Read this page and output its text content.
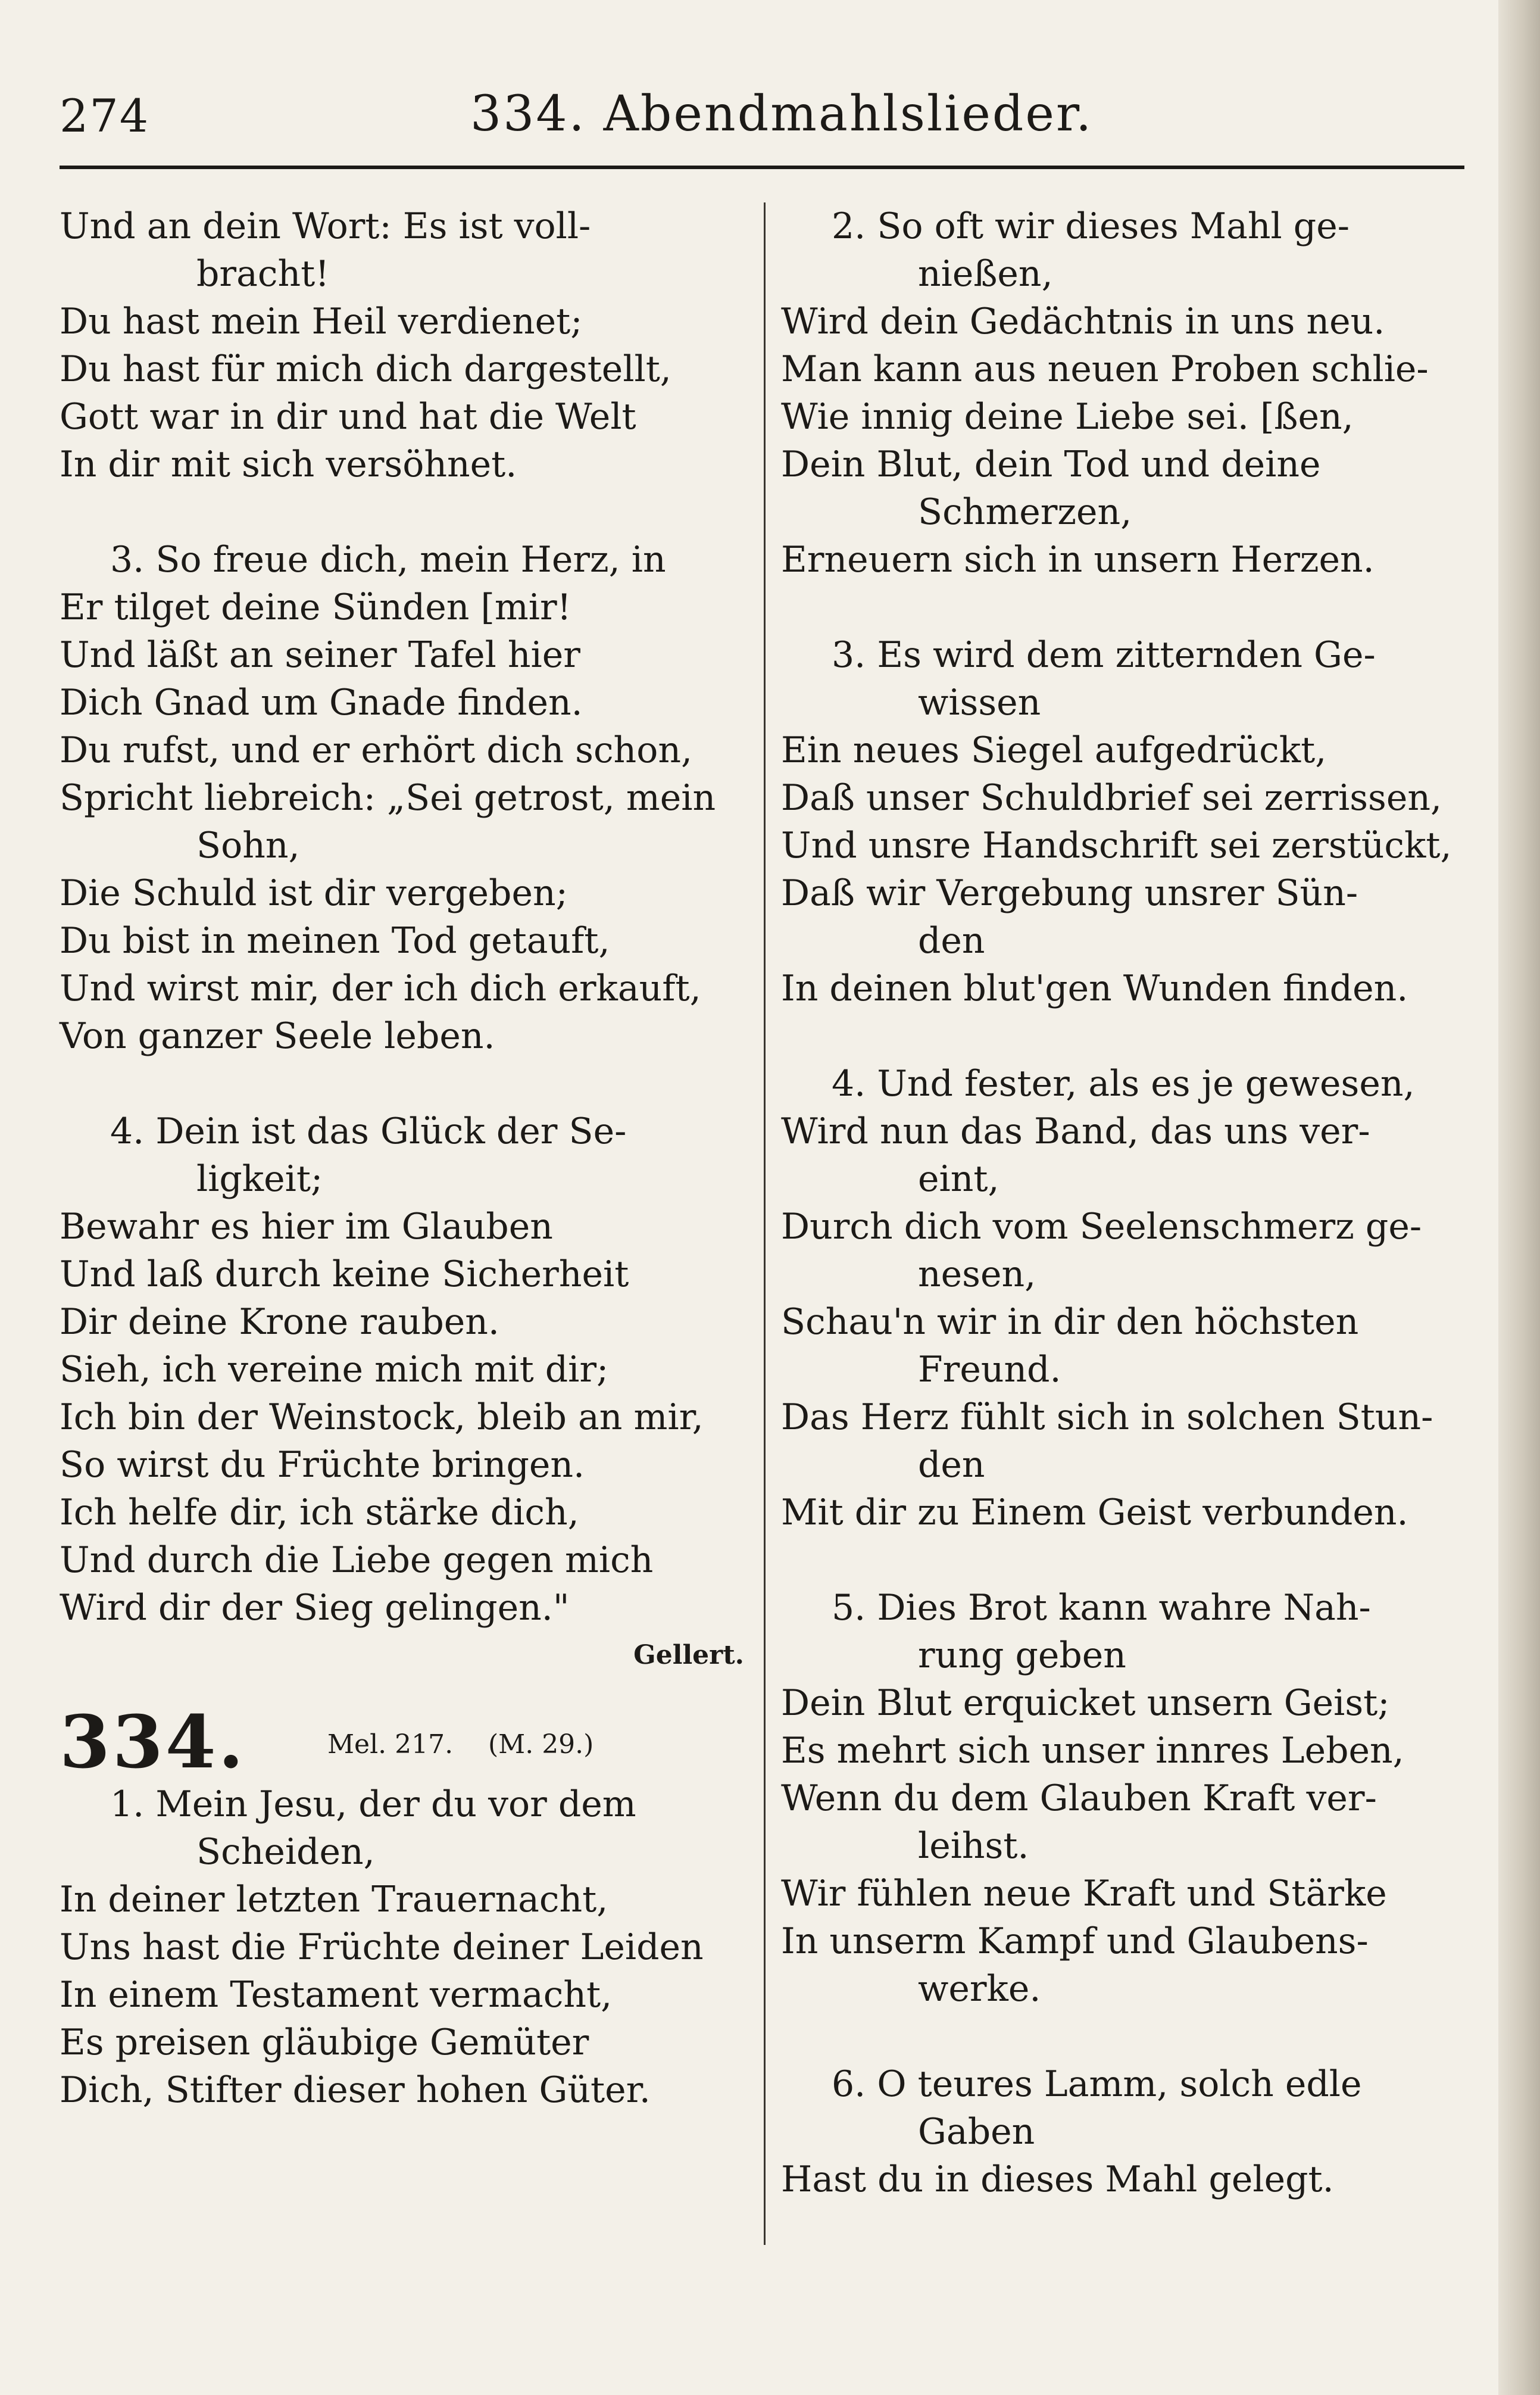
274	334. Abendmahlslieder.
Und an dein Wort: Es ist voll-
bracht!
Du hast mein Heil verdienet;
Du hast für mich dich dargestellt,
Gott war in dir und hat die Welt
In dir mit sich versöhnet.
3. So freue dich, mein Herz, in
Er tilget deine Sünden [mir!
Und läßt an seiner Tafel hier
Dich Gnad um Gnade finden.
Du rufst, und er erhört dich schon,
Spricht liebreich: „Sei getrost, mein
Sohn,
Die Schuld ist dir vergeben;
Du bist in meinen Tod getauft,
Und wirst mir, der ich dich erkauft,
Von ganzer Seele leben.
4. Dein ist das Glück der Se-
ligkeit;
Bewahr es hier im Glauben
Und laß durch keine Sicherheit
Dir deine Krone rauben.
Sieh, ich vereine mich mit dir;
Ich bin der Weinstock, bleib an mir,
So wirst du Früchte bringen.
Ich helfe dir, ich stärke dich,
Und durch die Liebe gegen mich
Wird dir der Sieg gelingen."
Gellert.
334.	Mel. 217. (M. 29.)
1. Mein Jesu, der du vor dem
Scheiden,
In deiner letzten Trauernacht,
Uns hast die Früchte deiner Leiden
In einem Testament vermacht,
Es preisen gläubige Gemüter
Dich, Stifter dieser hohen Güter.
2. So oft wir dieses Mahl ge-
nießen,
Wird dein Gedächtnis in uns neu.
Man kann aus neuen Proben schlie-
Wie innig deine Liebe sei. [ßen,
Dein Blut, dein Tod und deine
Schmerzen,
Erneuern sich in unsern Herzen.
3. Es wird dem zitternden Ge-
wissen
Ein neues Siegel aufgedrückt,
Daß unser Schuldbrief sei zerrissen,
Und unsre Handschrift sei zerstückt,
Daß wir Vergebung unsrer Sün-
den
In deinen blut'gen Wunden finden.
4. Und fester, als es je gewesen,
Wird nun das Band, das uns ver-
eint,
Durch dich vom Seelenschmerz ge-
nesen,
Schau'n wir in dir den höchsten
Freund.
Das Herz fühlt sich in solchen Stun-
den
Mit dir zu Einem Geist verbunden.
5. Dies Brot kann wahre Nah-
rung geben
Dein Blut erquicket unsern Geist;
Es mehrt sich unser innres Leben,
Wenn du dem Glauben Kraft ver-
leihst.
Wir fühlen neue Kraft und Stärke
In unserm Kampf und Glaubens-
werke.
6. O teures Lamm, solch edle
Gaben
Hast du in dieses Mahl gelegt.
